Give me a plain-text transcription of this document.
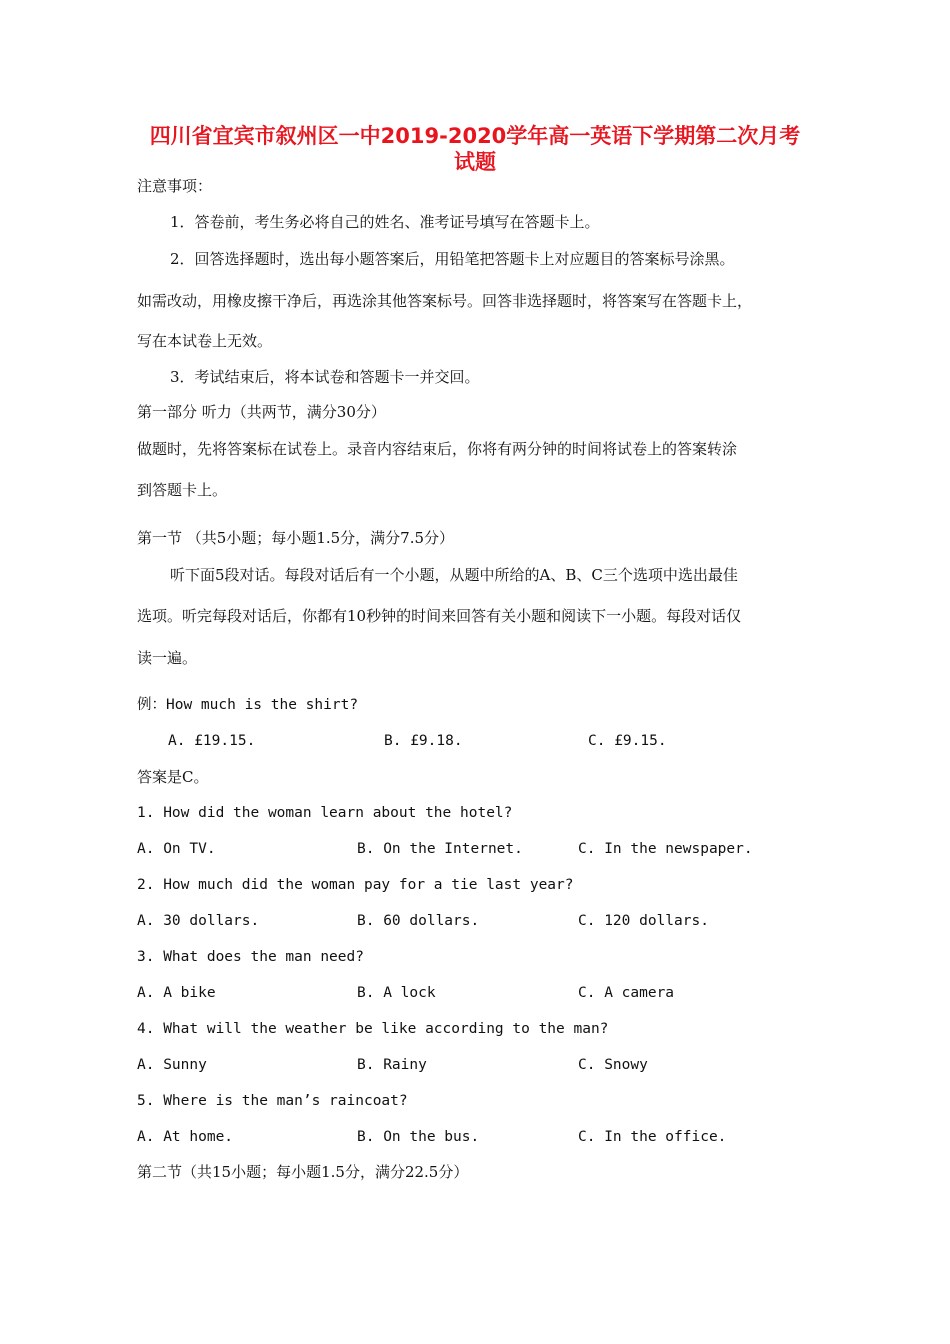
四川省宜宾市叙州区一中2019-2020学年高一英语下学期第二次月考
试题
注意事项：
1．答卷前，考生务必将自己的姓名、准考证号填写在答题卡上。
2．回答选择题时，选出每小题答案后，用铅笔把答题卡上对应题目的答案标号涂黑。
如需改动，用橡皮擦干净后，再选涂其他答案标号。回答非选择题时，将答案写在答题卡上，
写在本试卷上无效。
3．考试结束后，将本试卷和答题卡一并交回。
第一部分 听力（共两节，满分30分）
做题时，先将答案标在试卷上。录音内容结束后，你将有两分钟的时间将试卷上的答案转涂
到答题卡上。
第一节 （共5小题；每小题1.5分，满分7.5分）
听下面5段对话。每段对话后有一个小题，从题中所给的A、B、C三个选项中选出最佳
选项。听完每段对话后，你都有10秒钟的时间来回答有关小题和阅读下一小题。每段对话仅
读一遍。
例：How much is the shirt?
A. £19.15.	B. £9.18.	C. £9.15.
答案是C。
1. How did the woman learn about the hotel?
A. On TV.	B. On the Internet.	C. In the newspaper.
2. How much did the woman pay for a tie last year?
A. 30 dollars.	B. 60 dollars.	C. 120 dollars.
3. What does the man need?
A. A bike	B. A lock	C. A camera
4. What will the weather be like according to the man?
A. Sunny	B. Rainy	C. Snowy
5. Where is the man’s raincoat?
A. At home.	B. On the bus.	C. In the office.
第二节（共15小题；每小题1.5分，满分22.5分）
